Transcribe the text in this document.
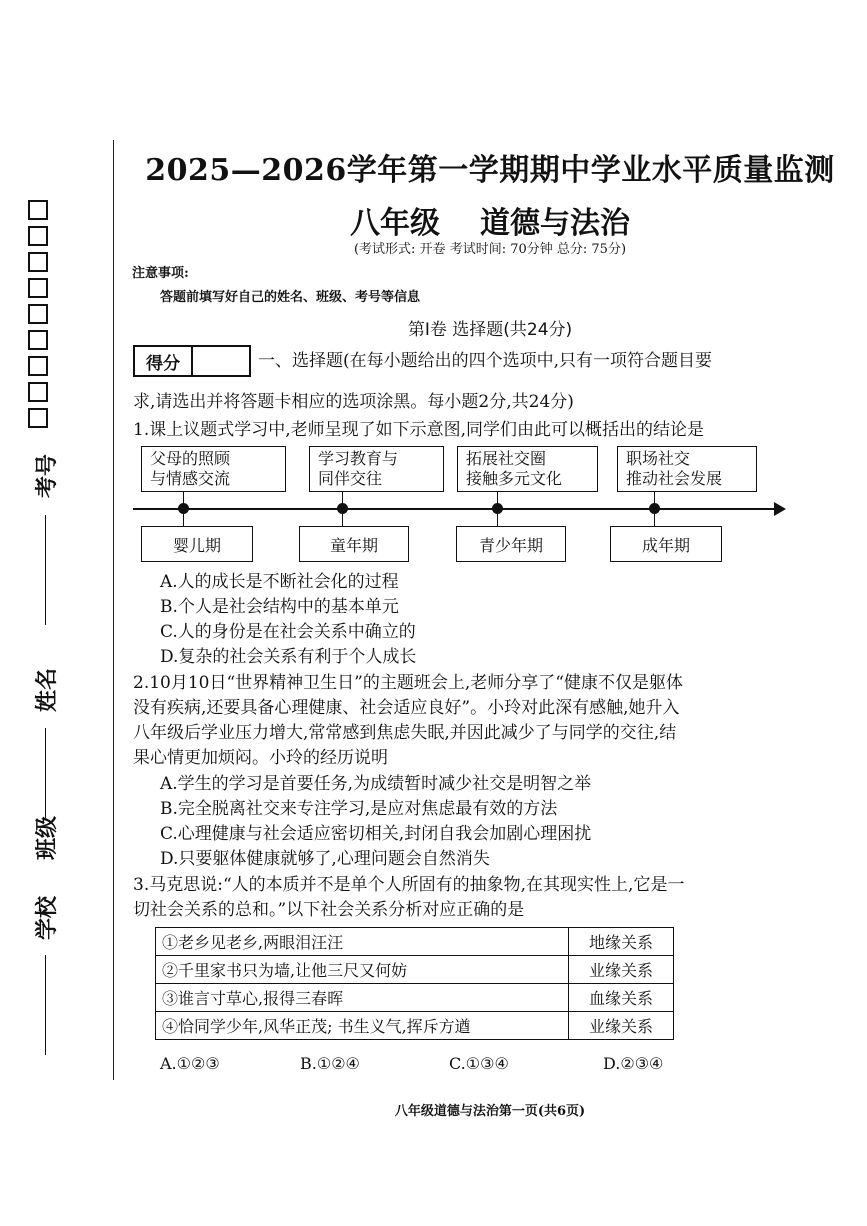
考号
姓名
班级
学校
2025—2026学年第一学期期中学业水平质量监测
八年级 道德与法治
(考试形式: 开卷 考试时间: 70分钟 总分: 75分)
注意事项:
答题前填写好自己的姓名、班级、考号等信息
第Ⅰ卷 选择题(共24分)
得分	一、选择题(在每小题给出的四个选项中,只有一项符合题目要
求,请选出并将答题卡相应的选项涂黑。每小题2分,共24分)
1.课上议题式学习中,老师呈现了如下示意图,同学们由此可以概括出的结论是
父母的照顾
与情感交流
学习教育与
同伴交往
拓展社交圈
接触多元文化
职场社交
推动社会发展
婴儿期	童年期	青少年期	成年期
A.人的成长是不断社会化的过程
B.个人是社会结构中的基本单元
C.人的身份是在社会关系中确立的
D.复杂的社会关系有利于个人成长
2.10月10日“世界精神卫生日”的主题班会上,老师分享了“健康不仅是躯体
没有疾病,还要具备心理健康、社会适应良好”。小玲对此深有感触,她升入
八年级后学业压力增大,常常感到焦虑失眠,并因此减少了与同学的交往,结
果心情更加烦闷。小玲的经历说明
A.学生的学习是首要任务,为成绩暂时减少社交是明智之举
B.完全脱离社交来专注学习,是应对焦虑最有效的方法
C.心理健康与社会适应密切相关,封闭自我会加剧心理困扰
D.只要躯体健康就够了,心理问题会自然消失
3.马克思说:“人的本质并不是单个人所固有的抽象物,在其现实性上,它是一
切社会关系的总和。”以下社会关系分析对应正确的是
①老乡见老乡,两眼泪汪汪	地缘关系
②千里家书只为墙,让他三尺又何妨	业缘关系
③谁言寸草心,报得三春晖	血缘关系
④恰同学少年,风华正茂; 书生义气,挥斥方遒	业缘关系
A.①②③	B.①②④	C.①③④	D.②③④
八年级道德与法治第一页(共6页)
